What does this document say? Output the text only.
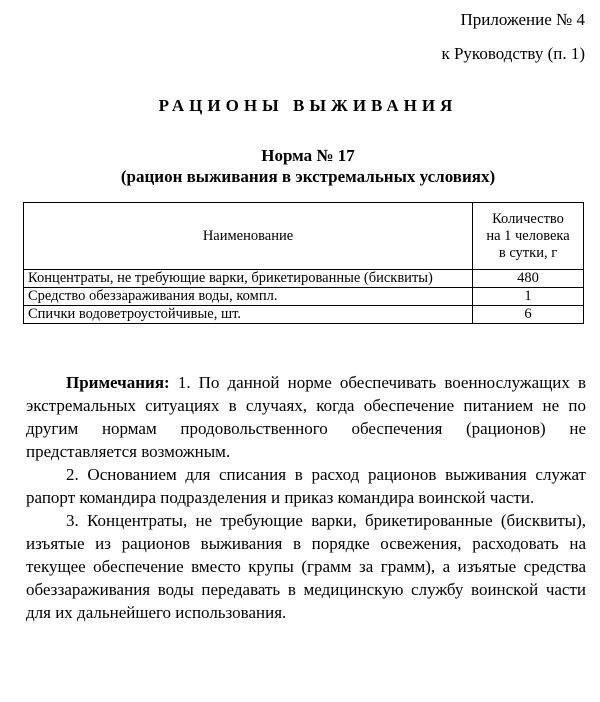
Приложение № 4
к Руководству (п. 1)
РАЦИОНЫ ВЫЖИВАНИЯ
Норма № 17
(рацион выживания в экстремальных условиях)
Наименование	Количество
на 1 человека
в сутки, г

Концентраты, не требующие варки, брикетированные (бисквиты)	480
Средство обеззараживания воды, компл.	1
Спички водоветроустойчивые, шт.	6

Примечания: 1. По данной норме обеспечивать военнослужащих в экстремальных ситуациях в случаях, когда обеспечение питанием не по другим нормам продовольственного обеспечения (рационов) не представляется возможным.

2. Основанием для списания в расход рационов выживания служат рапорт командира подразделения и приказ командира воинской части.

3. Концентраты, не требующие варки, брикетированные (бисквиты), изъятые из рационов выживания в порядке освежения, расходовать на текущее обеспечение вместо крупы (грамм за грамм), а изъятые средства обеззараживания воды передавать в медицинскую службу воинской части для их дальнейшего использования.
